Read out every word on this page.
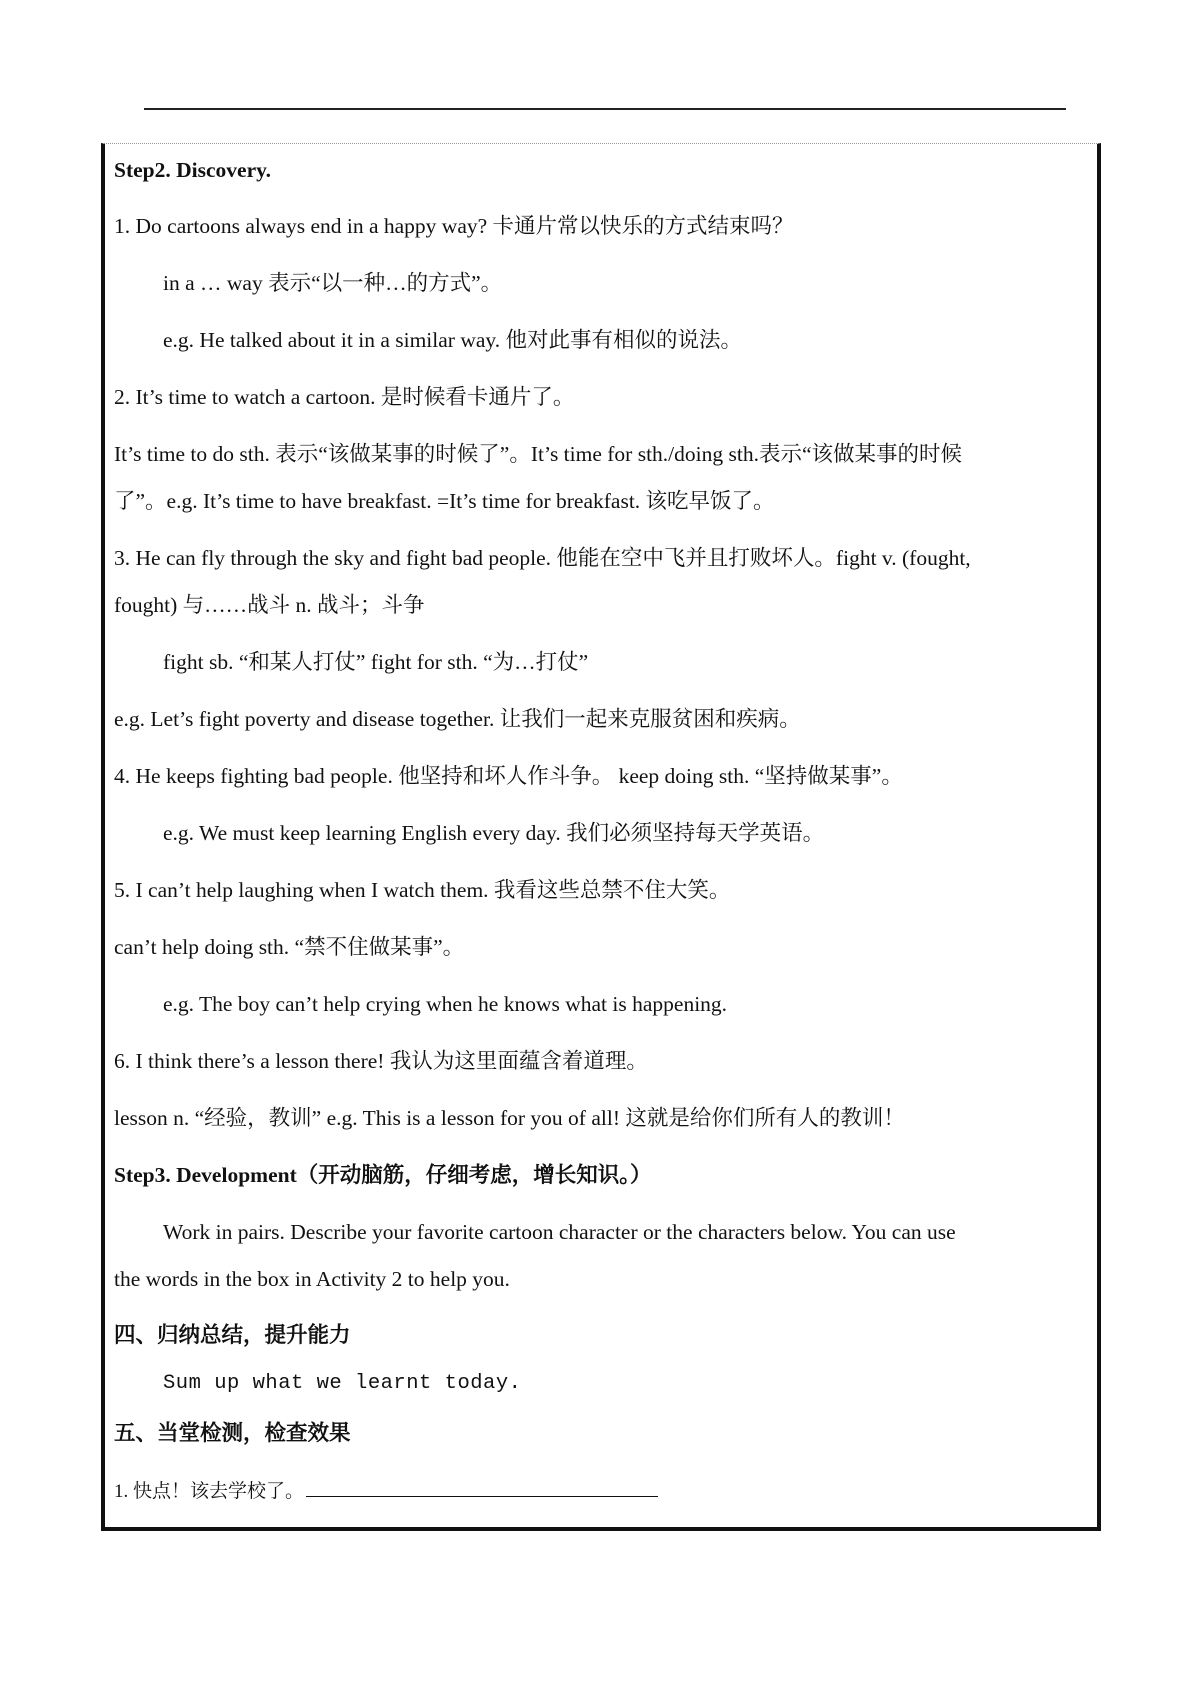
Step2. Discovery.

1. Do cartoons always end in a happy way? 卡通片常以快乐的方式结束吗？

in a … way 表示“以一种…的方式”。

e.g. He talked about it in a similar way. 他对此事有相似的说法。

2. It’s time to watch a cartoon. 是时候看卡通片了。

It’s time to do sth. 表示“该做某事的时候了”。It’s time for sth./doing sth.表示“该做某事的时候

了”。e.g. It’s time to have breakfast. =It’s time for breakfast. 该吃早饭了。

3. He can fly through the sky and fight bad people. 他能在空中飞并且打败坏人。fight v. (fought,

fought) 与……战斗 n. 战斗；斗争

fight sb. “和某人打仗” fight for sth. “为…打仗”

e.g. Let’s fight poverty and disease together. 让我们一起来克服贫困和疾病。

4. He keeps fighting bad people. 他坚持和坏人作斗争。 keep doing sth. “坚持做某事”。

e.g. We must keep learning English every day. 我们必须坚持每天学英语。

5. I can’t help laughing when I watch them. 我看这些总禁不住大笑。

can’t help doing sth. “禁不住做某事”。

e.g. The boy can’t help crying when he knows what is happening.

6. I think there’s a lesson there! 我认为这里面蕴含着道理。

lesson n. “经验，教训” e.g. This is a lesson for you of all! 这就是给你们所有人的教训！

Step3. Development（开动脑筋，仔细考虑，增长知识。）

Work in pairs. Describe your favorite cartoon character or the characters below. You can use

the words in the box in Activity 2 to help you.

四、归纳总结，提升能力

Sum up what we learnt today.

五、当堂检测，检查效果

1. 快点！该去学校了。
